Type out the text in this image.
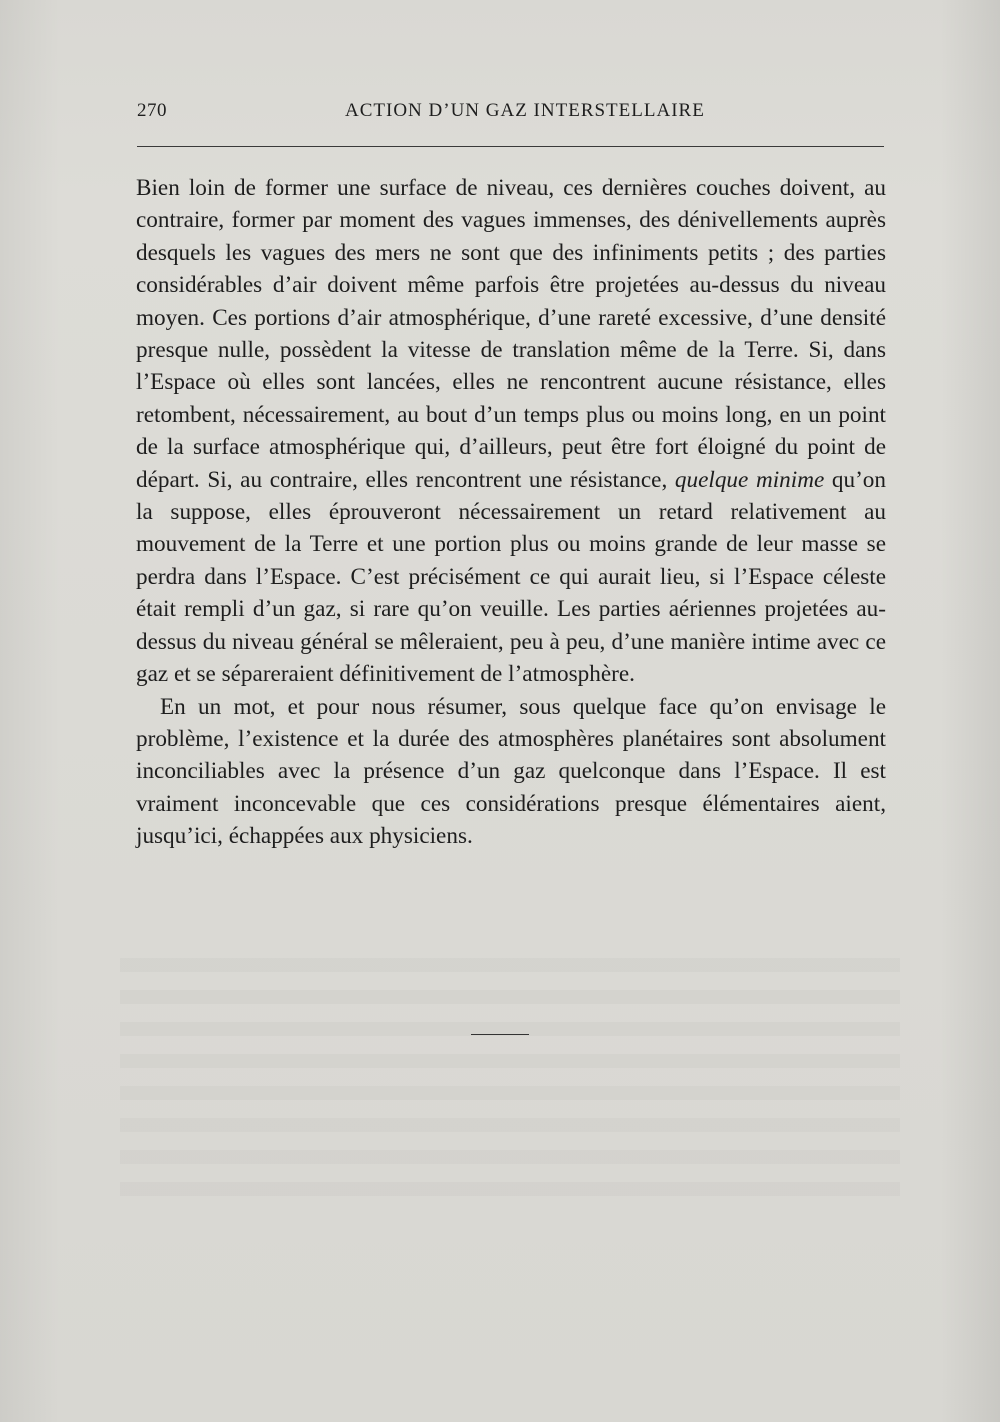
270	ACTION D’UN GAZ INTERSTELLAIRE

Bien loin de former une surface de niveau, ces dernières couches doivent, au contraire, former par moment des vagues immenses, des dénivellements auprès desquels les vagues des mers ne sont que des infiniments petits ; des parties considérables d’air doivent même parfois être projetées au-dessus du niveau moyen. Ces portions d’air atmosphérique, d’une rareté excessive, d’une densité presque nulle, possèdent la vitesse de translation même de la Terre. Si, dans l’Espace où elles sont lancées, elles ne rencontrent aucune résistance, elles retombent, nécessairement, au bout d’un temps plus ou moins long, en un point de la surface atmosphérique qui, d’ailleurs, peut être fort éloigné du point de départ. Si, au contraire, elles rencontrent une résistance, quelque minime qu’on la suppose, elles éprouveront nécessairement un retard relativement au mouvement de la Terre et une portion plus ou moins grande de leur masse se perdra dans l’Espace. C’est précisément ce qui aurait lieu, si l’Espace céleste était rempli d’un gaz, si rare qu’on veuille. Les parties aériennes projetées au-dessus du niveau général se mêleraient, peu à peu, d’une manière intime avec ce gaz et se sépareraient définitivement de l’atmosphère.

En un mot, et pour nous résumer, sous quelque face qu’on envisage le problème, l’existence et la durée des atmosphères planétaires sont absolument inconciliables avec la présence d’un gaz quelconque dans l’Espace. Il est vraiment inconcevable que ces considérations presque élémentaires aient, jusqu’ici, échappées aux physiciens.
